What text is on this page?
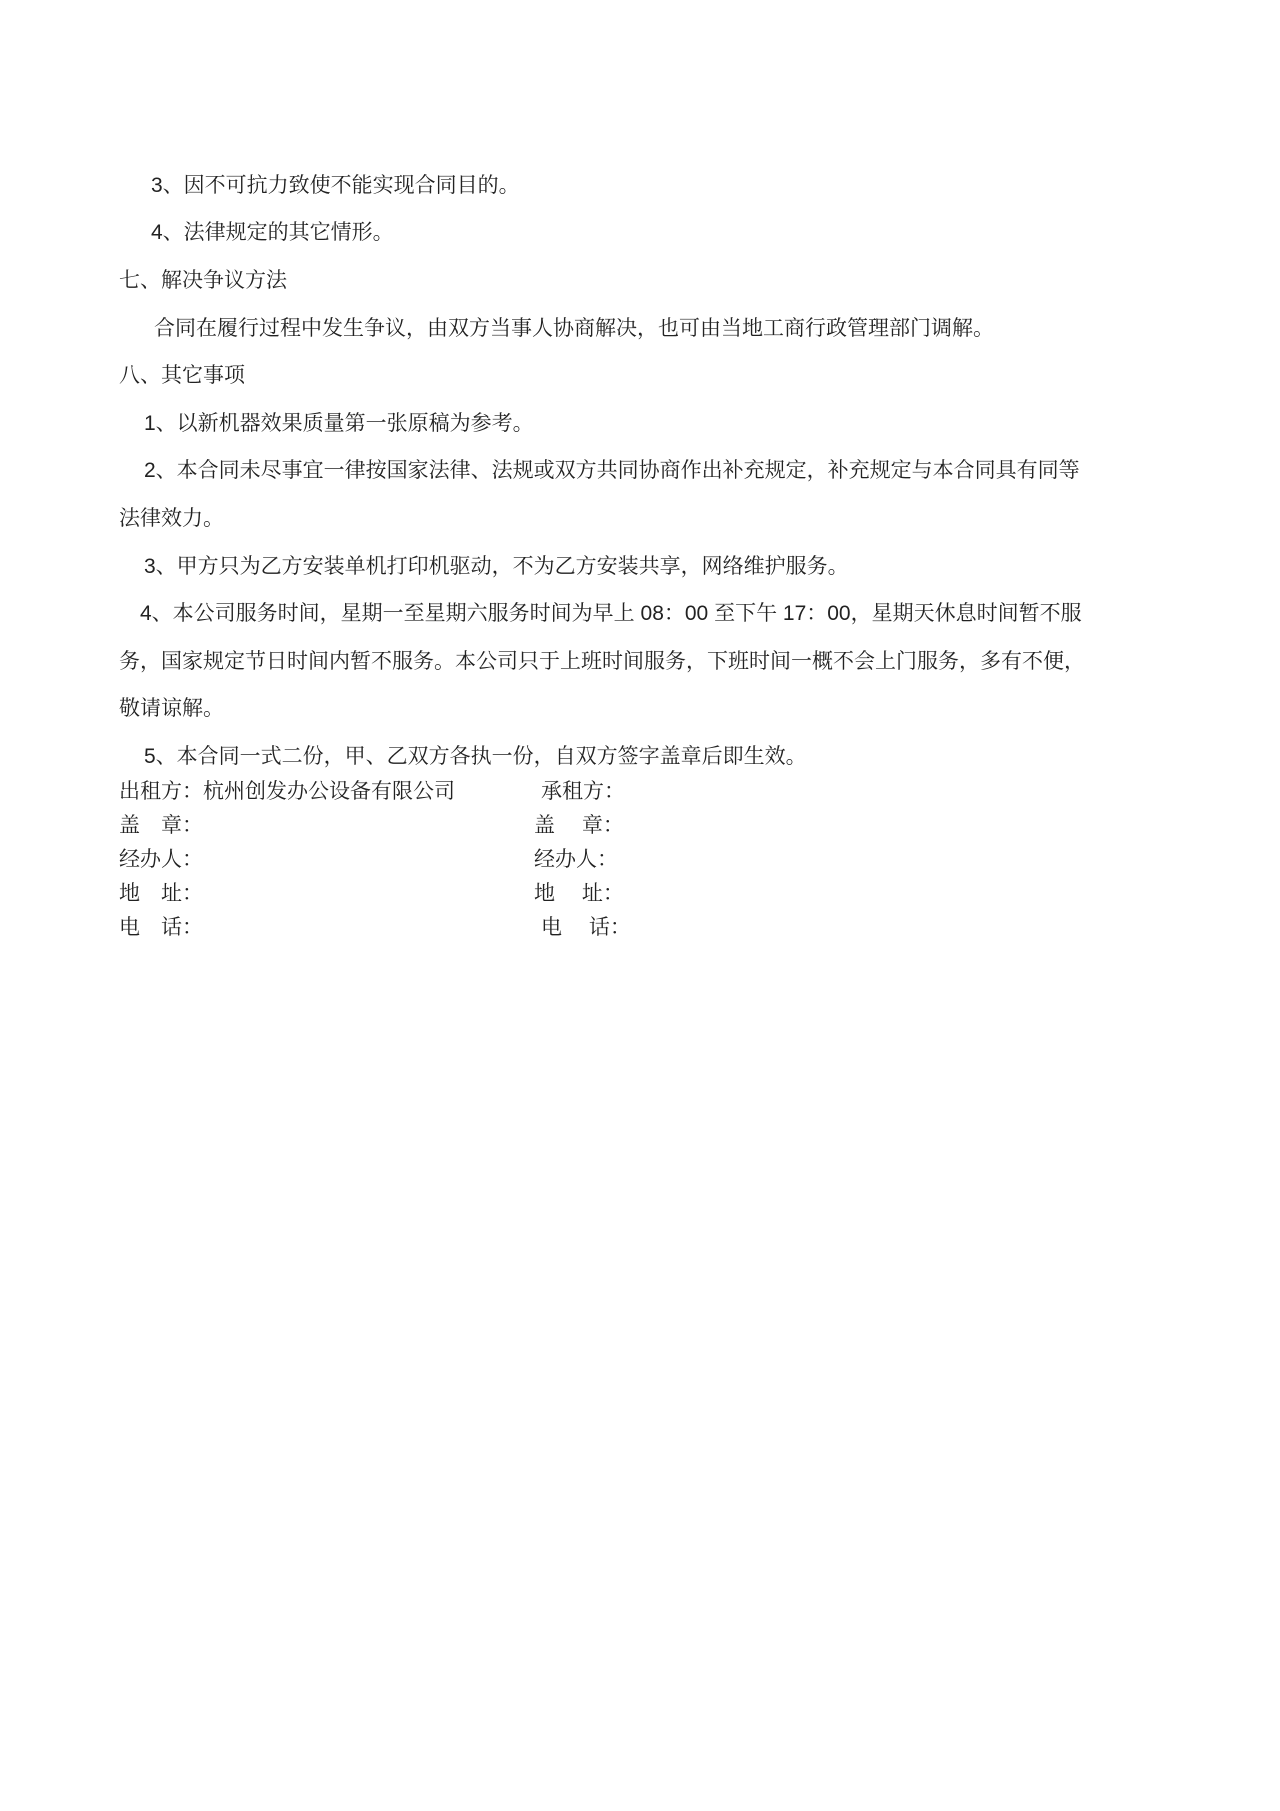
3、因不可抗力致使不能实现合同目的。
4、法律规定的其它情形。
七、解决争议方法
合同在履行过程中发生争议，由双方当事人协商解决，也可由当地工商行政管理部门调解。
八、其它事项
1、以新机器效果质量第一张原稿为参考。
2、本合同未尽事宜一律按国家法律、法规或双方共同协商作出补充规定，补充规定与本合同具有同等
法律效力。
3、甲方只为乙方安装单机打印机驱动，不为乙方安装共享，网络维护服务。
4、本公司服务时间，星期一至星期六服务时间为早上 08：00 至下午 17：00，星期天休息时间暂不服
务，国家规定节日时间内暂不服务。本公司只于上班时间服务，下班时间一概不会上门服务，多有不便，
敬请谅解。
5、本合同一式二份，甲、乙双方各执一份，自双方签字盖章后即生效。
出租方：杭州创发办公设备有限公司
盖　章：
经办人：
地　址：
电　话：
承租方：
盖　 章：
经办人：
地　 址：
电　 话：
